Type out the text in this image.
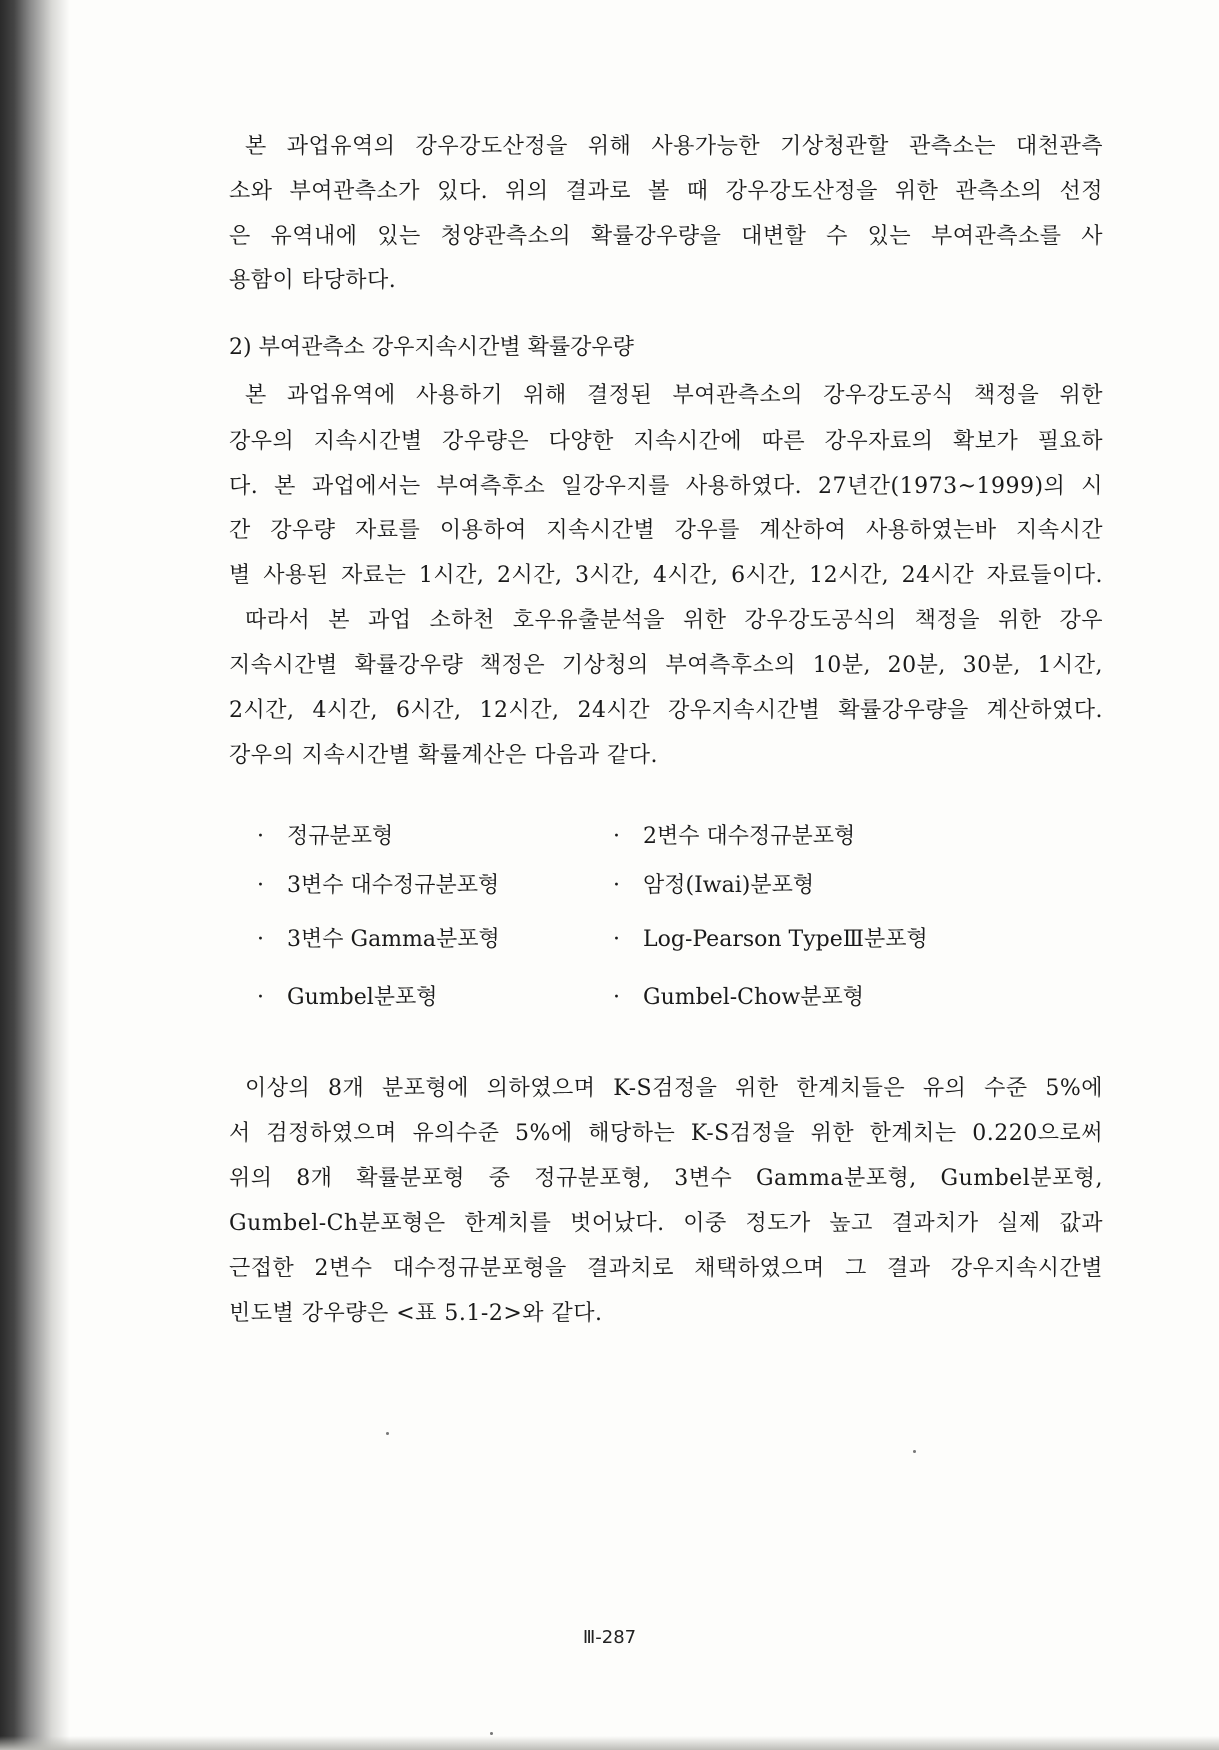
본 과업유역의 강우강도산정을 위해 사용가능한 기상청관할 관측소는 대천관측
소와 부여관측소가 있다. 위의 결과로 볼 때 강우강도산정을 위한 관측소의 선정
은 유역내에 있는 청양관측소의 확률강우량을 대변할 수 있는 부여관측소를 사
용함이 타당하다.
2) 부여관측소 강우지속시간별 확률강우량
본 과업유역에 사용하기 위해 결정된 부여관측소의 강우강도공식 책정을 위한
강우의 지속시간별 강우량은 다양한 지속시간에 따른 강우자료의 확보가 필요하
다. 본 과업에서는 부여측후소 일강우지를 사용하였다. 27년간(1973~1999)의 시
간 강우량 자료를 이용하여 지속시간별 강우를 계산하여 사용하였는바 지속시간
별 사용된 자료는 1시간, 2시간, 3시간, 4시간, 6시간, 12시간, 24시간 자료들이다.
따라서 본 과업 소하천 호우유출분석을 위한 강우강도공식의 책정을 위한 강우
지속시간별 확률강우량 책정은 기상청의 부여측후소의 10분, 20분, 30분, 1시간,
2시간, 4시간, 6시간, 12시간, 24시간 강우지속시간별 확률강우량을 계산하였다.
강우의 지속시간별 확률계산은 다음과 같다.
· 정규분포형
· 3변수 대수정규분포형
· 3변수 Gamma분포형
· Gumbel분포형
· 2변수 대수정규분포형
· 암정(Iwai)분포형
· Log-Pearson TypeⅢ분포형
· Gumbel-Chow분포형
이상의 8개 분포형에 의하였으며 K-S검정을 위한 한계치들은 유의 수준 5%에
서 검정하였으며 유의수준 5%에 해당하는 K-S검정을 위한 한계치는 0.220으로써
위의 8개 확률분포형 중 정규분포형, 3변수 Gamma분포형, Gumbel분포형,
Gumbel-Ch분포형은 한계치를 벗어났다. 이중 정도가 높고 결과치가 실제 값과
근접한 2변수 대수정규분포형을 결과치로 채택하였으며 그 결과 강우지속시간별
빈도별 강우량은 <표 5.1-2>와 같다.
Ⅲ-287
